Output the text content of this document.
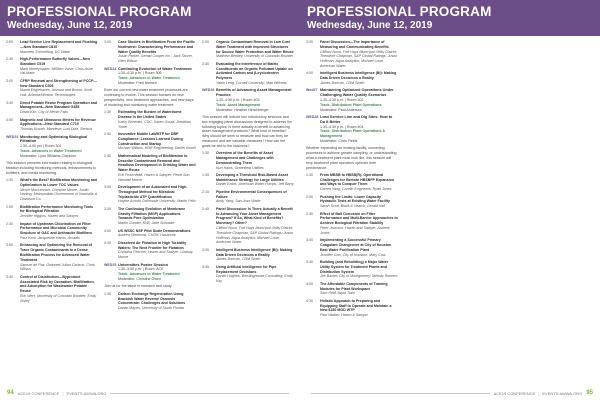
PROFESSIONAL PROGRAM
Wednesday, June 12, 2019
2:00	Lead Service Line Replacement and Flushing—New Standard C810
Maureen Schmelling, DC Water
2:30	High-Performance Butterfly Valves—New Standard C519
Mark Moneymaker, Milliken Valve; Chris Ashe, Val-Matic
3:00	CFRP Renewal and Strengthening of PCCP—New Standard C305
Mandi Englehaven, Arizona and Brown; Scott Hall, Arizona/Weston Technologies
3:30	Direct Potable Reuse Program Operation and Management—New Standard G485
David Kim, City of Menlo Falls
4:00	Magnetic and Ultrasonic Meters for Revenue Applications—New Standard C715
Thomas Krauth, Mandeve; Luis Diaz, Sensus
WED23 Monitoring and Optimizing Biological Filtration
1:30–4:00 pm | Room 301
Track: Advances in Water Treatment
Moderator: Lynn Williams-Clayborn
This session presents information relating to biological filtration including monitoring methods, enhancements to biofilters, and media monitoring.
1:30	What's the Best? Biofiltration Monitoring and Optimization to Lower TOC Values
Nicole MacLennan, Christine Moore, Justin Harting; Metropolitan Government of Nashville & Davidson Co.
2:00	Biofiltration Performance Monitoring Tools for Biological Filtration
Jennifer Higgins, Hazen and Sawyer
2:30	Impact of Upstream Chlorination on Filter Performance and Microbial Community Structure of GAC and Anthracite Biofilters
Paul Kent, Jacqueline Hanks, Arcadis
3:00	Enhancing and Optimizing the Removal of Trace Organic Contaminants in a Dense Biofiltration Process for Advanced Water Treatment
Samuel de Paz, Gwinnett Julian Carlson, Chris Wilson
3:30	Control of Disinfection—Byproduct Associated Risk by Ozonation, Biofiltration, and Adsorption for Wastewater Potable Reuse
Eric Wert, University of Colorado Boulder; Emily Sisley
3:00	Case Studies in Biofiltration From the Pacific Northwest: Characterizing Performance and Water Quality Benefits
Justin Parker, Gerald Cooper Inc.; Jack Stover, Glen Wilson
WED24 Continuing Evolution of Water Treatment
1:30–4:30 p.m. | Room 305
Track: Advances in Water Treatment
Moderator: Fred Nielsen
Even our current new water treatment processes are continuing to evolve. This session focuses on new perspectives, new treatment approaches, and new ways of modeling and monitoring water treatment.
1:30	Estimating the Burden of Waterborne Disease in the United States
Kathy Benedict, CDC; Karen Gould; Jonathan Yoder
2:00	Innovative Mobile Lab/MTP for DBP Compliance: Lessons Learned During Construction and Startup
Michael Wilkins, HDR Engineering; Daniel Kosell
2:30	Mathematical Modeling of Biofiltration to Describe Contaminant Removal and Headloss Development in Drinking Water and Water Reuse
Erik Rosenfeldt, Hazen & Sawyer; Pavel Sun, Wendell Moore
3:00	Development of an Automated and High-Throughput Method for Microbial Triplasticide ATP Quantification
Haylee Arnold, Dalhousie University; Martin Felix
3:30	The Continuing Evolution of Membrane Gravity Filtration (MGF) Applications Towards Pore Optimization
Martin Gunder, KWI; Jake Schrader
4:00	US WSSC NSF Pilot Scale Demonstrations
Andrew Weinhold, CH2M; Hasbrook
4:30	Dissolved Air Flotation in High Turbidity Waters: The Next Frontier for Flotation
Christina Fletcher, Hazen and Sawyer; Lindsay Moore
WED25 Universities Poster Session
1:30–3:00 p.m. | Room: ACE
Track: Advances in Water Treatment
Moderator: Christine Owen
Join us for the latest in research and study.
1:30	Carbon Exchange Regeneration Using Brackish Water Reverse Osmosis Concentrate: Challenges and Solutions
Daniel Mayes, University of South Florida
2:00	Organic Contaminant Removal in Low Cost Water Treatment with Improved Structures for Source Water Protection and Water Reuse
Matthew Bentley, University of Colorado Boulder
2:30	Evaluating the Interference of Matrix Constituents on Organic Pollutant Uptake on Activated Carbon and β-cyclodextrin Polymers
Yalan Leng, Cornell University; Mae Wilkens
WED26 Benefits of Advancing Asset Management Practice
1:30–4:30 p.m. | Room 403
Track: Asset Management
Moderator: Heather Hirschberger
This session will include two introductory sessions and two engaging panel discussions designed to address the following topics: Is there actually a benefit to advancing asset management practices? What kind of benefits? Why should we seek to measure and how can they be measured and are valuable measures? How can the goals be tied to the business?
1:30	Overview of the Benefits of Asset Management and Challenges with Demonstrating Them
Kurt Haws, Greenfield Utilities
1:45	Developing a Threshold Risk-Based Asset Maintenance Strategy for Large Utilities
Daniel Erdos, American Water Pumps; Jeff Barry
2:15	Pipeline Environmental Consequences of Failure
Andy Yang, San Jose Water
2:45	Panel Discussion: Is There Actually a Benefit to Advancing Your Asset Management Program? If So, What Kind of Benefits? Monetary? Other?
Clifford Nova, Fort Hays Municipal Utility District; Theodore Chapman, S&P Global Ratings; Justin Hoffman, Aqua Analytics; Michael Lowe, American Water
3:30	Intelligent Business Intelligence (BI): Making Data Driven Decisions a Reality
James Duncan, CDM Smith
3:45	Using Artificial Intelligence for Pipe Replacement Decisions
Daniel Hughes, Westinghouse Consulting; Emily Kay
94 ACE19 CONFERENCE | EVENTS.AWWA.ORG
PROFESSIONAL PROGRAM
Wednesday, June 12, 2019
3:30	Panel Discussion—The Importance of Measuring and Communicating Benefits
Clifford Nova, Fort Hays Municipal Utility District; Theodore Chapman, S&P Global Ratings; Justin Hoffman, Aqua Analytics; Michael Lowe, American Water
4:00	Intelligent Business Intelligence (BI): Making Data Driven Decisions a Reality
James Duncan, CDM Smith
Wed27 Maintaining Optimized Operations Under Challenging Water Quality Scenarios
1:30–4:30 p.m. | Room 302
Track: Distribution Plant Operations
Moderator: Paul Anderson
WED28 Lead Service Line and Dig Sites: How to Do It Better
1:30–4:30 p.m. | Room 404
Track: Distribution Plant Operations & Management
Moderator: Chris Fields
Whether expanding an existing facility, converting processes to achieve greater sampling, or understanding what a treatment plant must look like, this session will help treatment plant operators optimize their performance.
1:30	From MBSB to HBSB(R)- Operational Challenges for Remote HBSBFP Expansion and Ways to Conquer Them
Darren Yang, Carollo Engineers; Ryan Jones
2:00	Pushing the Limits: Lower Capacity Hydraulic Tests at Existing Water Facility
Sarah Scott, Black & Veatch; Gerald Hall
2:30	Effect of Ball Corrosion on Filter Performance and Multi-Barrier Approaches to Achieve Biological Filtration Stability
Peter Johnson, Hazen and Sawyer; Andrew Jones
3:00	Implementing a Successful Primary Coagulant Changeover at City of Houston East Water Purification Plant
Jennifer Guo, City of Houston; Mary Cruz
3:30	Building (and Rebuilding) a Major Water Utility System for Treatment Plants and Distribution System
Joe Baxter, City of Montgomery; Melody Romero
4:00	The Affordable Components of Training Modules for Plant Workspace
Sam Reid, Aqua Train
4:30	Holistic Approach to Preparing and Equipping Staff to Operate and Maintain a New $150 MGD WTP
Paul Walker, Hazen & Sawyer
ACE19 CONFERENCE | EVENTS.AWWA.ORG 95
